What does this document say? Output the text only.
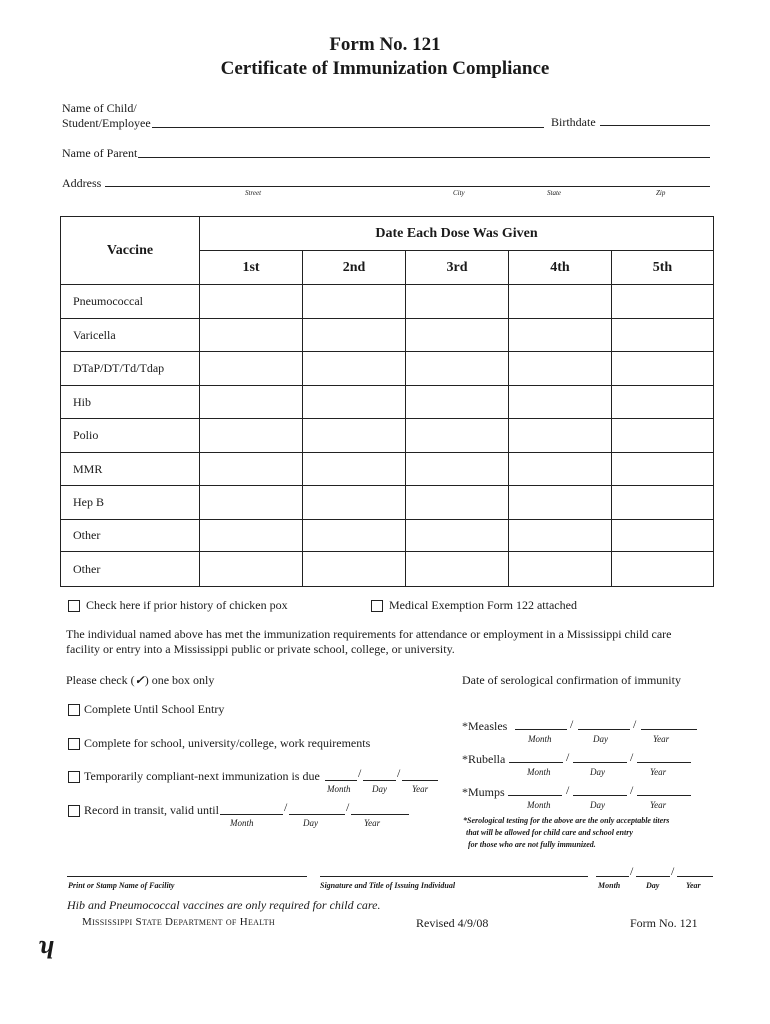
Form No. 121
Certificate of Immunization Compliance
Name of Child/
Student/Employee	Birthdate
Name of Parent
Address
Street	City	State	Zip
Vaccine	Date Each Dose Was Given				
	1st	2nd	3rd	4th	5th
Pneumococcal					
Varicella					
DTaP/DT/Td/Tdap					
Hib					
Polio					
MMR					
Hep B					
Other					
Other					
Check here if prior history of chicken pox	Medical Exemption Form 122 attached
The individual named above has met the immunization requirements for attendance or employment in a Mississippi child care
facility or entry into a Mississippi public or private school, college, or university.
Please check (✓) one box only
Complete Until School Entry
Complete for school, university/college, work requirements
Temporarily compliant-next immunization is due	/	/
Month Day	Year
Record in transit, valid until	/	/
Month	Day	Year
Date of serological confirmation of immunity
*Measles	/	/
Month	Day	Year
*Rubella	/	/
Month	Day	Year
*Mumps	/	/
Month	Day	Year
*Serological testing for the above are the only acceptable titers
that will be allowed for child care and school entry
for those who are not fully immunized.
Print or Stamp Name of Facility	Signature and Title of Issuing Individual
/	/
Month	Day	Year
Hib and Pneumococcal vaccines are only required for child care.
Mississippi State Department of Health	Revised 4/9/08	Form No. 121
ʮ
